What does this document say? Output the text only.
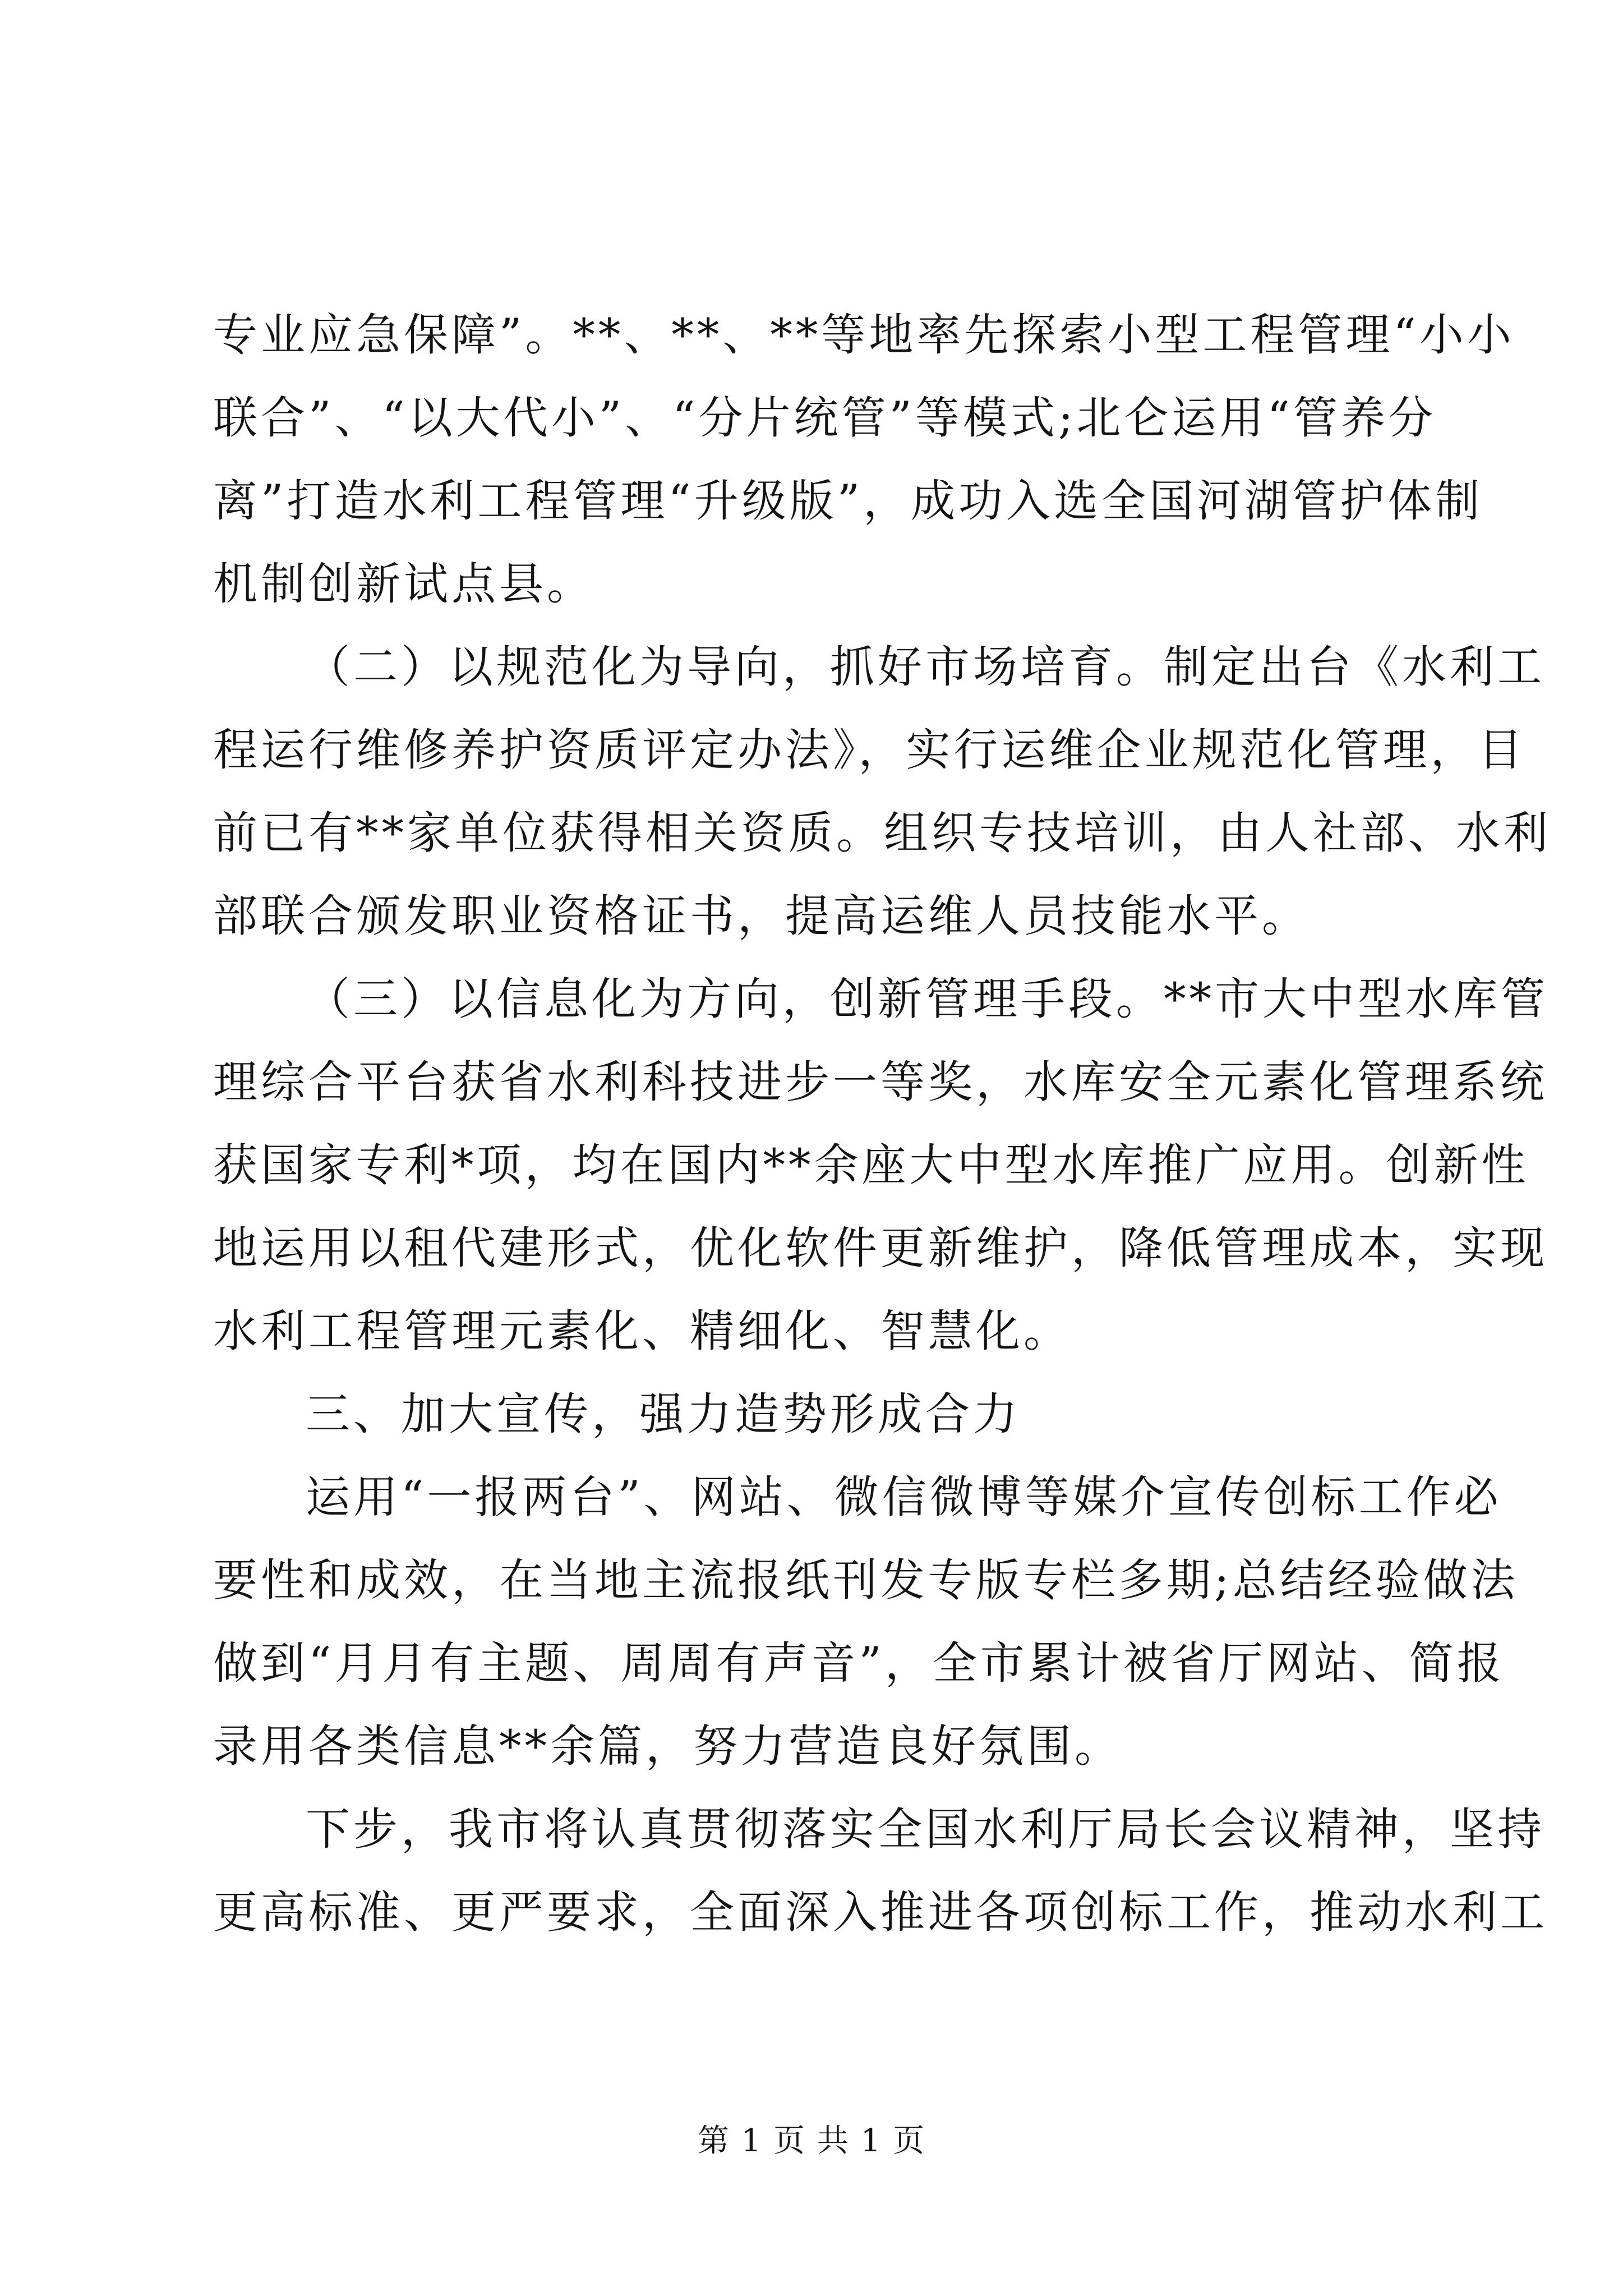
专业应急保障”。**、**、**等地率先探索小型工程管理“小小
联合”、“以大代小”、“分片统管”等模式;北仑运用“管养分
离”打造水利工程管理“升级版”，成功入选全国河湖管护体制
机制创新试点县。
（二）以规范化为导向，抓好市场培育。制定出台《水利工
程运行维修养护资质评定办法》，实行运维企业规范化管理，目
前已有**家单位获得相关资质。组织专技培训，由人社部、水利
部联合颁发职业资格证书，提高运维人员技能水平。
（三）以信息化为方向，创新管理手段。**市大中型水库管
理综合平台获省水利科技进步一等奖，水库安全元素化管理系统
获国家专利*项，均在国内**余座大中型水库推广应用。创新性
地运用以租代建形式，优化软件更新维护，降低管理成本，实现
水利工程管理元素化、精细化、智慧化。
三、加大宣传，强力造势形成合力
运用“一报两台”、网站、微信微博等媒介宣传创标工作必
要性和成效，在当地主流报纸刊发专版专栏多期;总结经验做法
做到“月月有主题、周周有声音”，全市累计被省厅网站、简报
录用各类信息**余篇，努力营造良好氛围。
下步，我市将认真贯彻落实全国水利厅局长会议精神，坚持
更高标准、更严要求，全面深入推进各项创标工作，推动水利工
第 1 页 共 1 页
